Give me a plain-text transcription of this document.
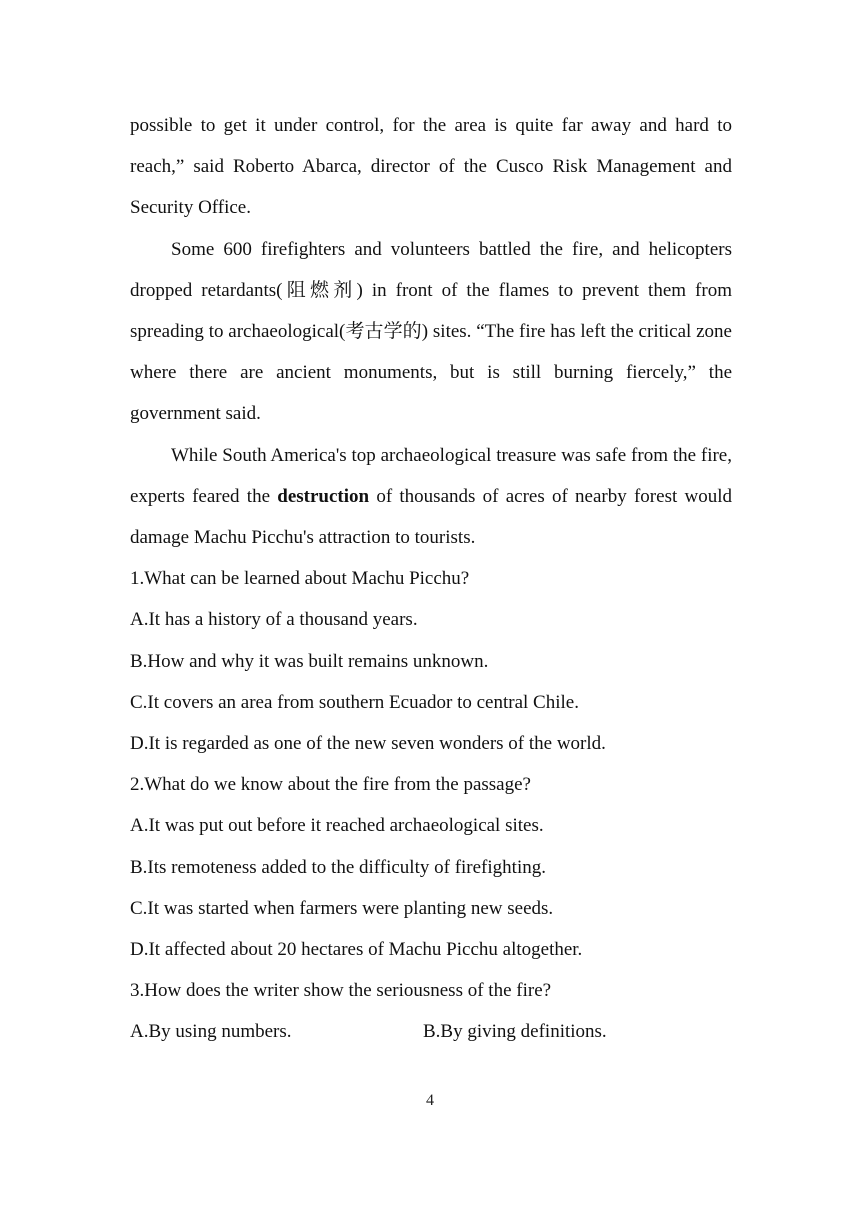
possible to get it under control, for the area is quite far away and hard to reach,” said Roberto Abarca, director of the Cusco Risk Management and Security Office.

Some 600 firefighters and volunteers battled the fire, and helicopters dropped retardants(阻燃剂) in front of the flames to prevent them from spreading to archaeological(考古学的) sites. “The fire has left the critical zone where there are ancient monuments, but is still burning fiercely,” the government said.

While South America's top archaeological treasure was safe from the fire, experts feared the destruction of thousands of acres of nearby forest would damage Machu Picchu's attraction to tourists.

1.What can be learned about Machu Picchu?

A.It has a history of a thousand years.

B.How and why it was built remains unknown.

C.It covers an area from southern Ecuador to central Chile.

D.It is regarded as one of the new seven wonders of the world.

2.What do we know about the fire from the passage?

A.It was put out before it reached archaeological sites.

B.Its remoteness added to the difficulty of firefighting.

C.It was started when farmers were planting new seeds.

D.It affected about 20 hectares of Machu Picchu altogether.

3.How does the writer show the seriousness of the fire?

A.By using numbers.	B.By giving definitions.
4
